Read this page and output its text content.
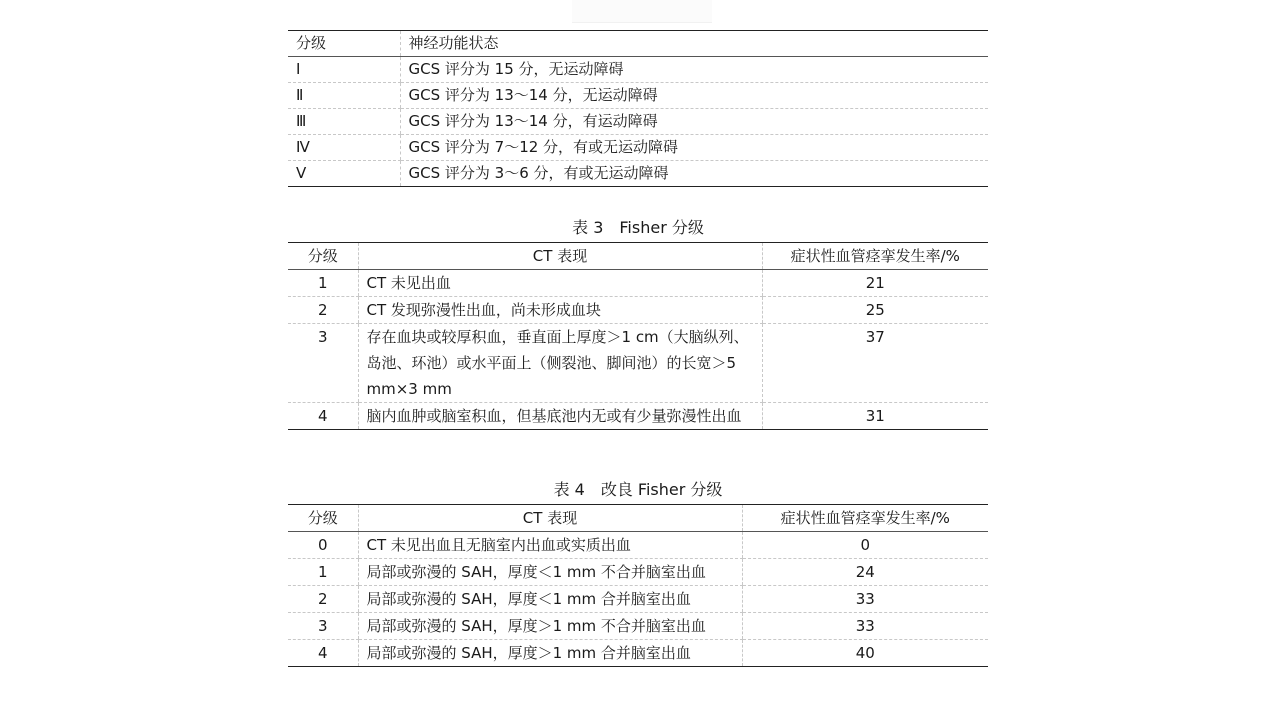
分级	神经功能状态
Ⅰ	GCS 评分为 15 分，无运动障碍
Ⅱ	GCS 评分为 13～14 分，无运动障碍
Ⅲ	GCS 评分为 13～14 分，有运动障碍
Ⅳ	GCS 评分为 7～12 分，有或无运动障碍
Ⅴ	GCS 评分为 3～6 分，有或无运动障碍
表 3　Fisher 分级
分级	CT 表现	症状性血管痉挛发生率/%
1	CT 未见出血	21
2	CT 发现弥漫性出血，尚未形成血块	25
3	存在血块或较厚积血，垂直面上厚度＞1 cm（大脑纵列、岛池、环池）或水平面上（侧裂池、脚间池）的长宽＞5 mm×3 mm	37
4	脑内血肿或脑室积血，但基底池内无或有少量弥漫性出血	31
表 4　改良 Fisher 分级
分级	CT 表现	症状性血管痉挛发生率/%
0	CT 未见出血且无脑室内出血或实质出血	0
1	局部或弥漫的 SAH，厚度＜1 mm 不合并脑室出血	24
2	局部或弥漫的 SAH，厚度＜1 mm 合并脑室出血	33
3	局部或弥漫的 SAH，厚度＞1 mm 不合并脑室出血	33
4	局部或弥漫的 SAH，厚度＞1 mm 合并脑室出血	40
